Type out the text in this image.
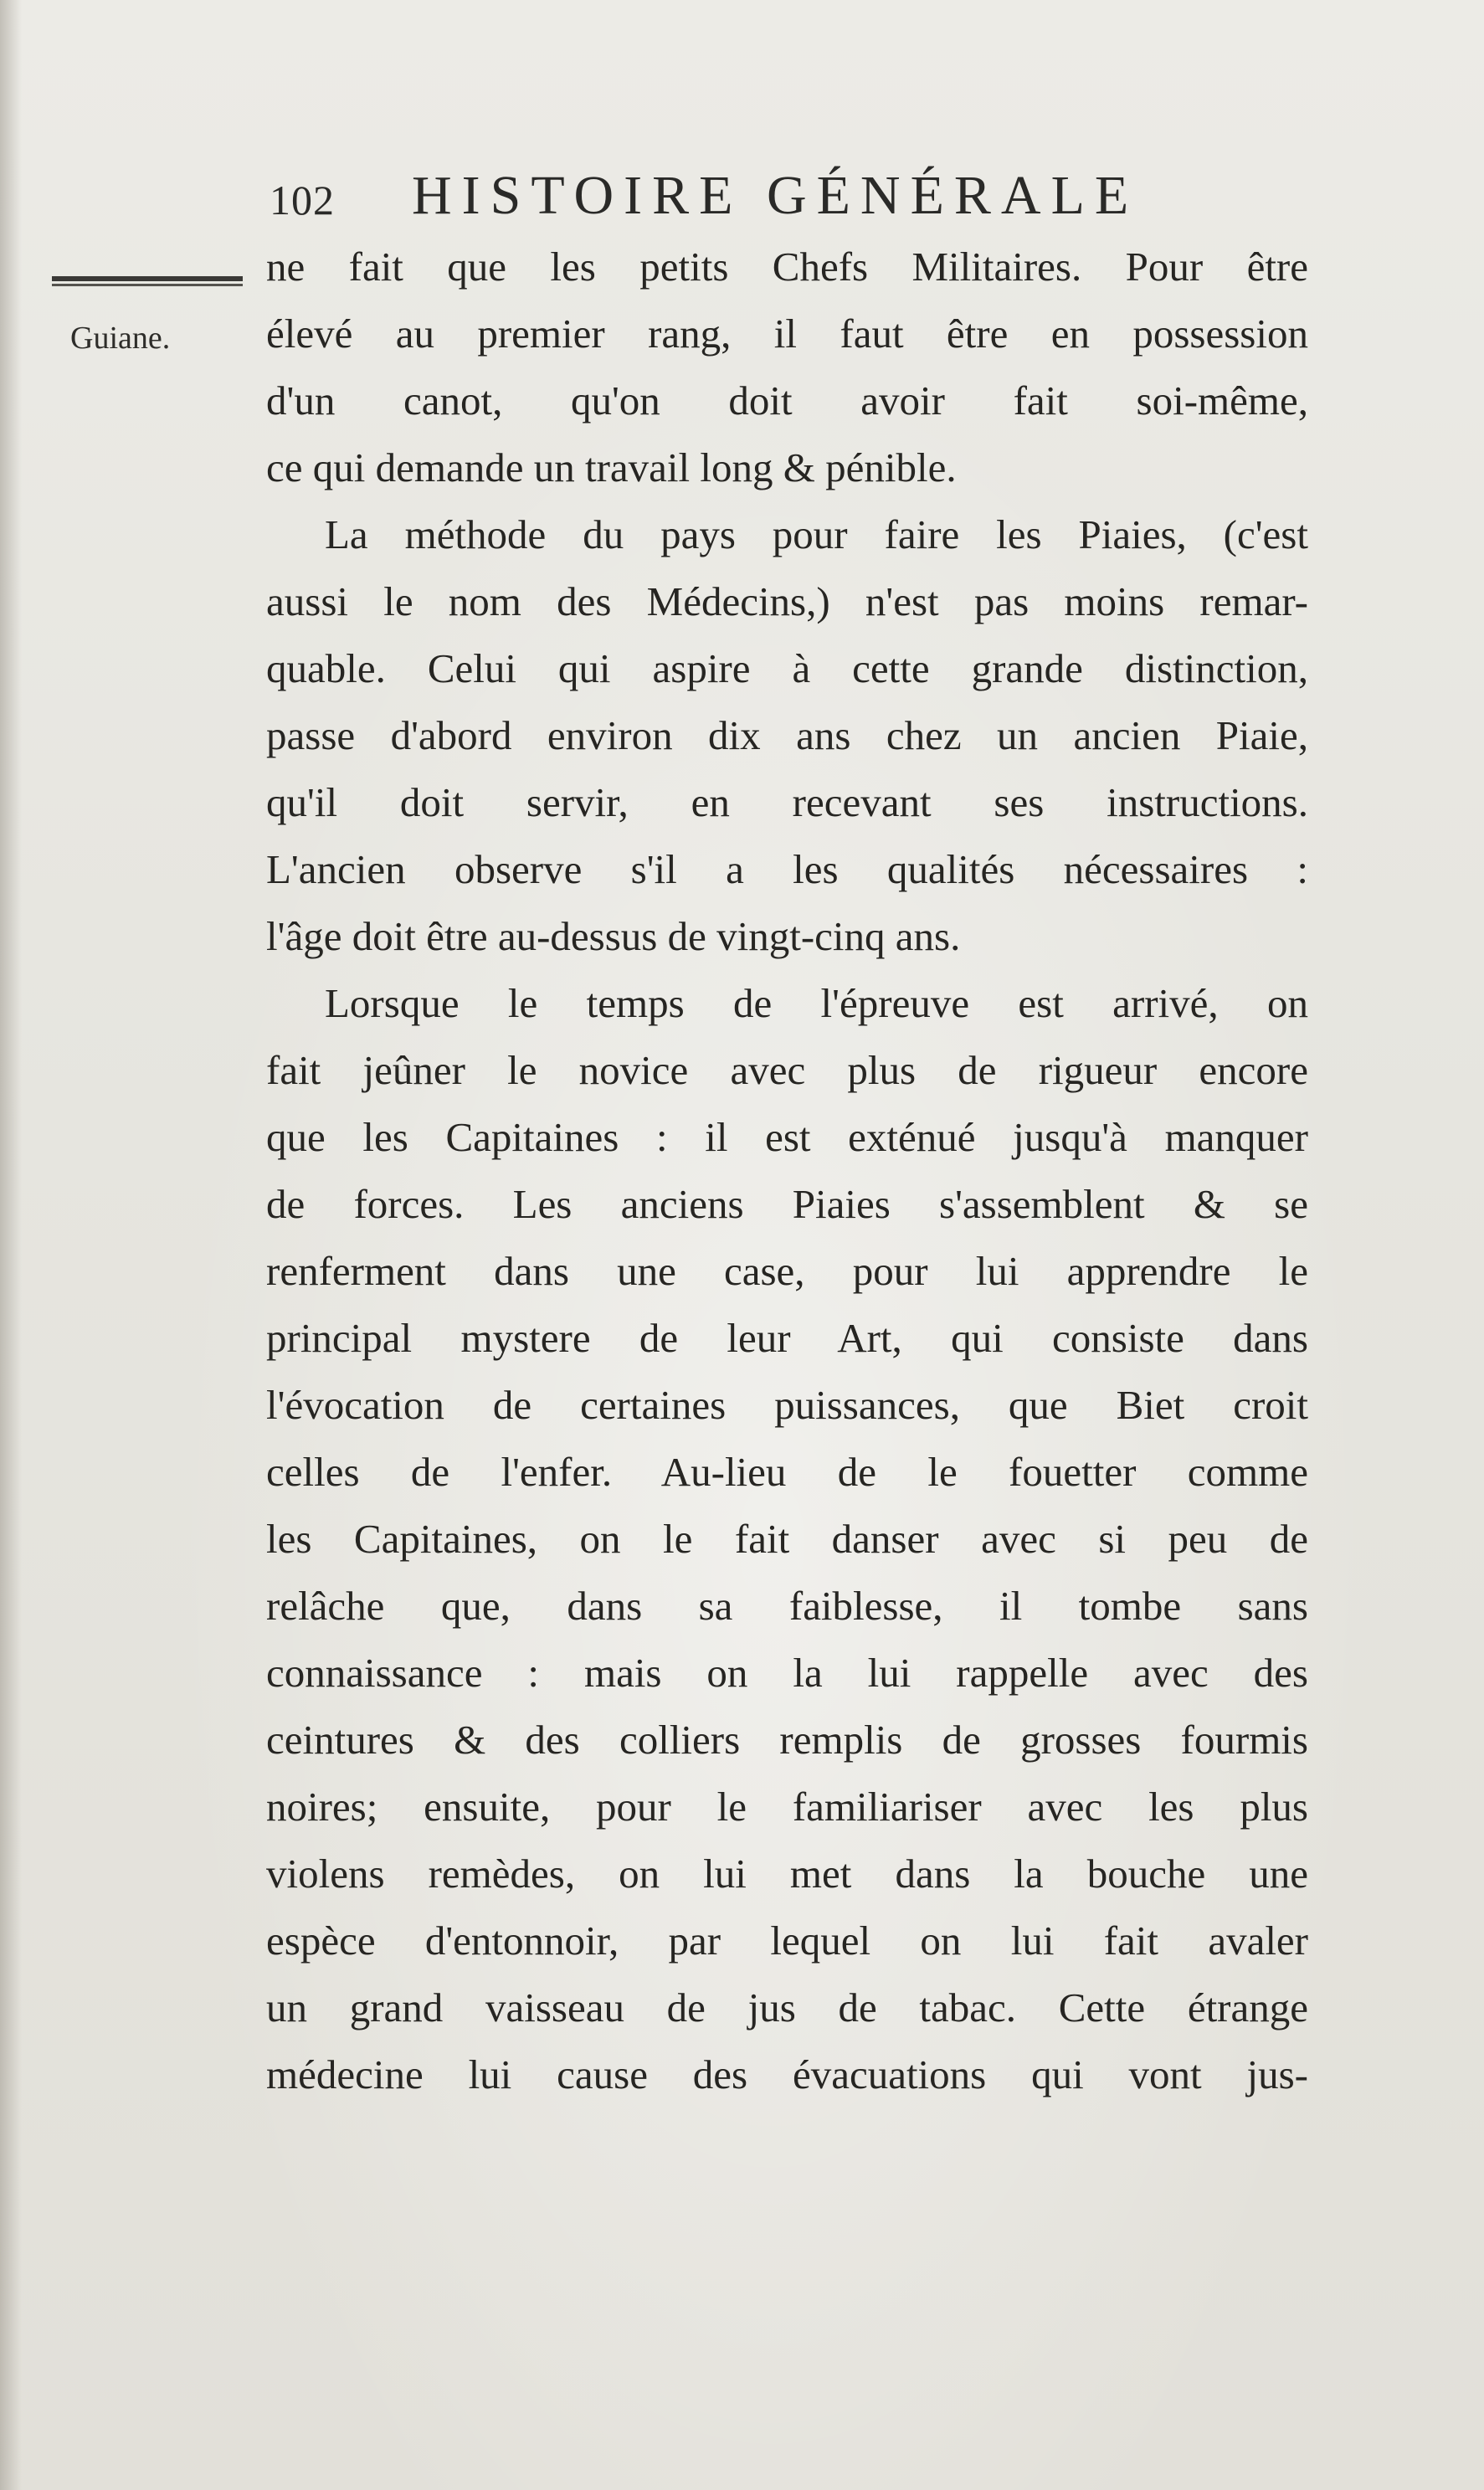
102 HISTOIRE GÉNÉRALE
Guiane.
ne fait que les petits Chefs Militaires. Pour être
élevé au premier rang, il faut être en possession
d'un canot, qu'on doit avoir fait soi-même,
ce qui demande un travail long & pénible.
La méthode du pays pour faire les Piaies, (c'est
aussi le nom des Médecins,) n'est pas moins remar-
quable. Celui qui aspire à cette grande distinction,
passe d'abord environ dix ans chez un ancien Piaie,
qu'il doit servir, en recevant ses instructions.
L'ancien observe s'il a les qualités nécessaires :
l'âge doit être au-dessus de vingt-cinq ans.
Lorsque le temps de l'épreuve est arrivé, on
fait jeûner le novice avec plus de rigueur encore
que les Capitaines : il est exténué jusqu'à manquer
de forces. Les anciens Piaies s'assemblent & se
renferment dans une case, pour lui apprendre le
principal mystere de leur Art, qui consiste dans
l'évocation de certaines puissances, que Biet croit
celles de l'enfer. Au-lieu de le fouetter comme
les Capitaines, on le fait danser avec si peu de
relâche que, dans sa faiblesse, il tombe sans
connaissance : mais on la lui rappelle avec des
ceintures & des colliers remplis de grosses fourmis
noires; ensuite, pour le familiariser avec les plus
violens remèdes, on lui met dans la bouche une
espèce d'entonnoir, par lequel on lui fait avaler
un grand vaisseau de jus de tabac. Cette étrange
médecine lui cause des évacuations qui vont jus-
